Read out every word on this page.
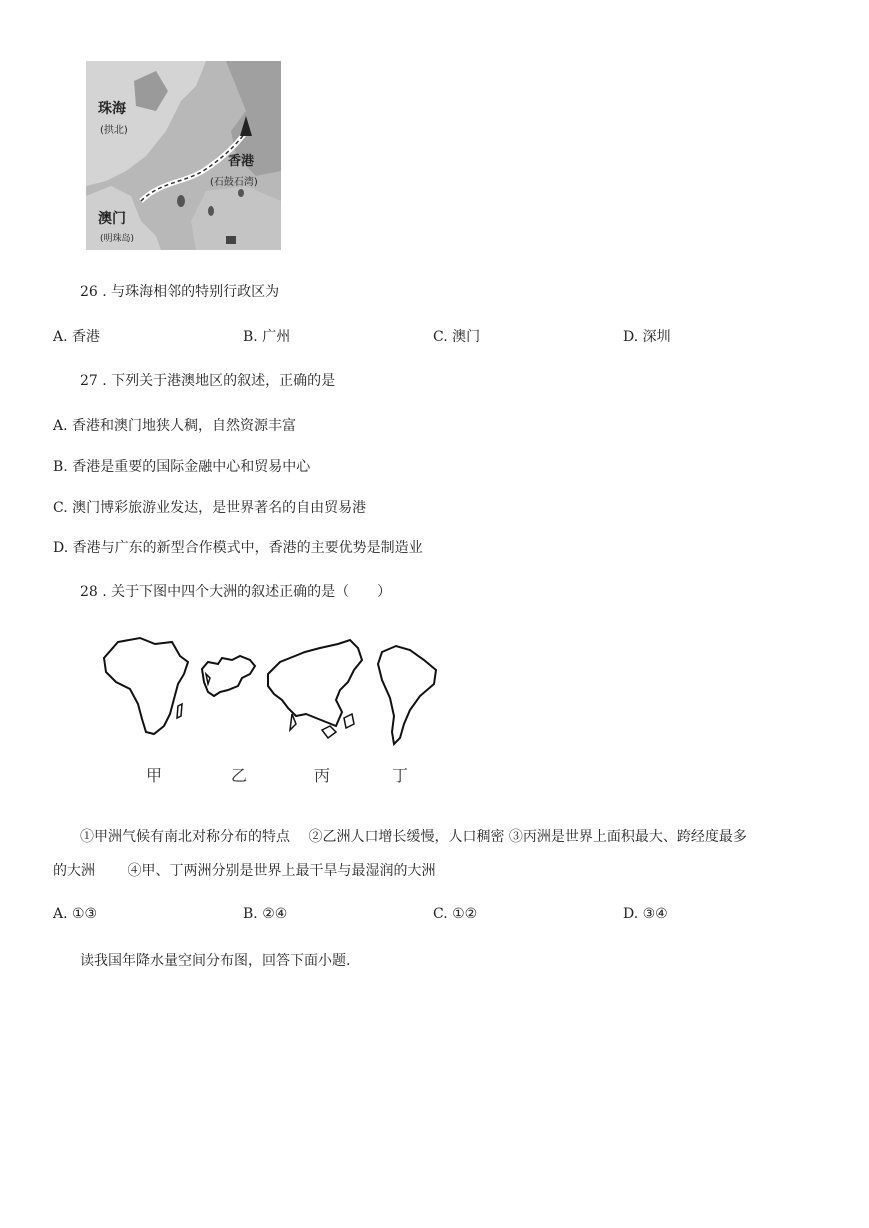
珠海
(拱北)
香港
(石鼓石湾)
澳门
(明珠岛)
26 . 与珠海相邻的特别行政区为
A. 香港	B. 广州	C. 澳门	D. 深圳
27 . 下列关于港澳地区的叙述，正确的是
A. 香港和澳门地狭人稠，自然资源丰富
B. 香港是重要的国际金融中心和贸易中心
C. 澳门博彩旅游业发达，是世界著名的自由贸易港
D. 香港与广东的新型合作模式中，香港的主要优势是制造业
28 . 关于下图中四个大洲的叙述正确的是（　　）
甲	乙	丙	丁
①甲洲气候有南北对称分布的特点　 ②乙洲人口增长缓慢，人口稠密 ③丙洲是世界上面积最大、跨经度最多
的大洲　　 ④甲、丁两洲分别是世界上最干旱与最湿润的大洲
A. ①③	B. ②④	C. ①②	D. ③④
读我国年降水量空间分布图，回答下面小题.
